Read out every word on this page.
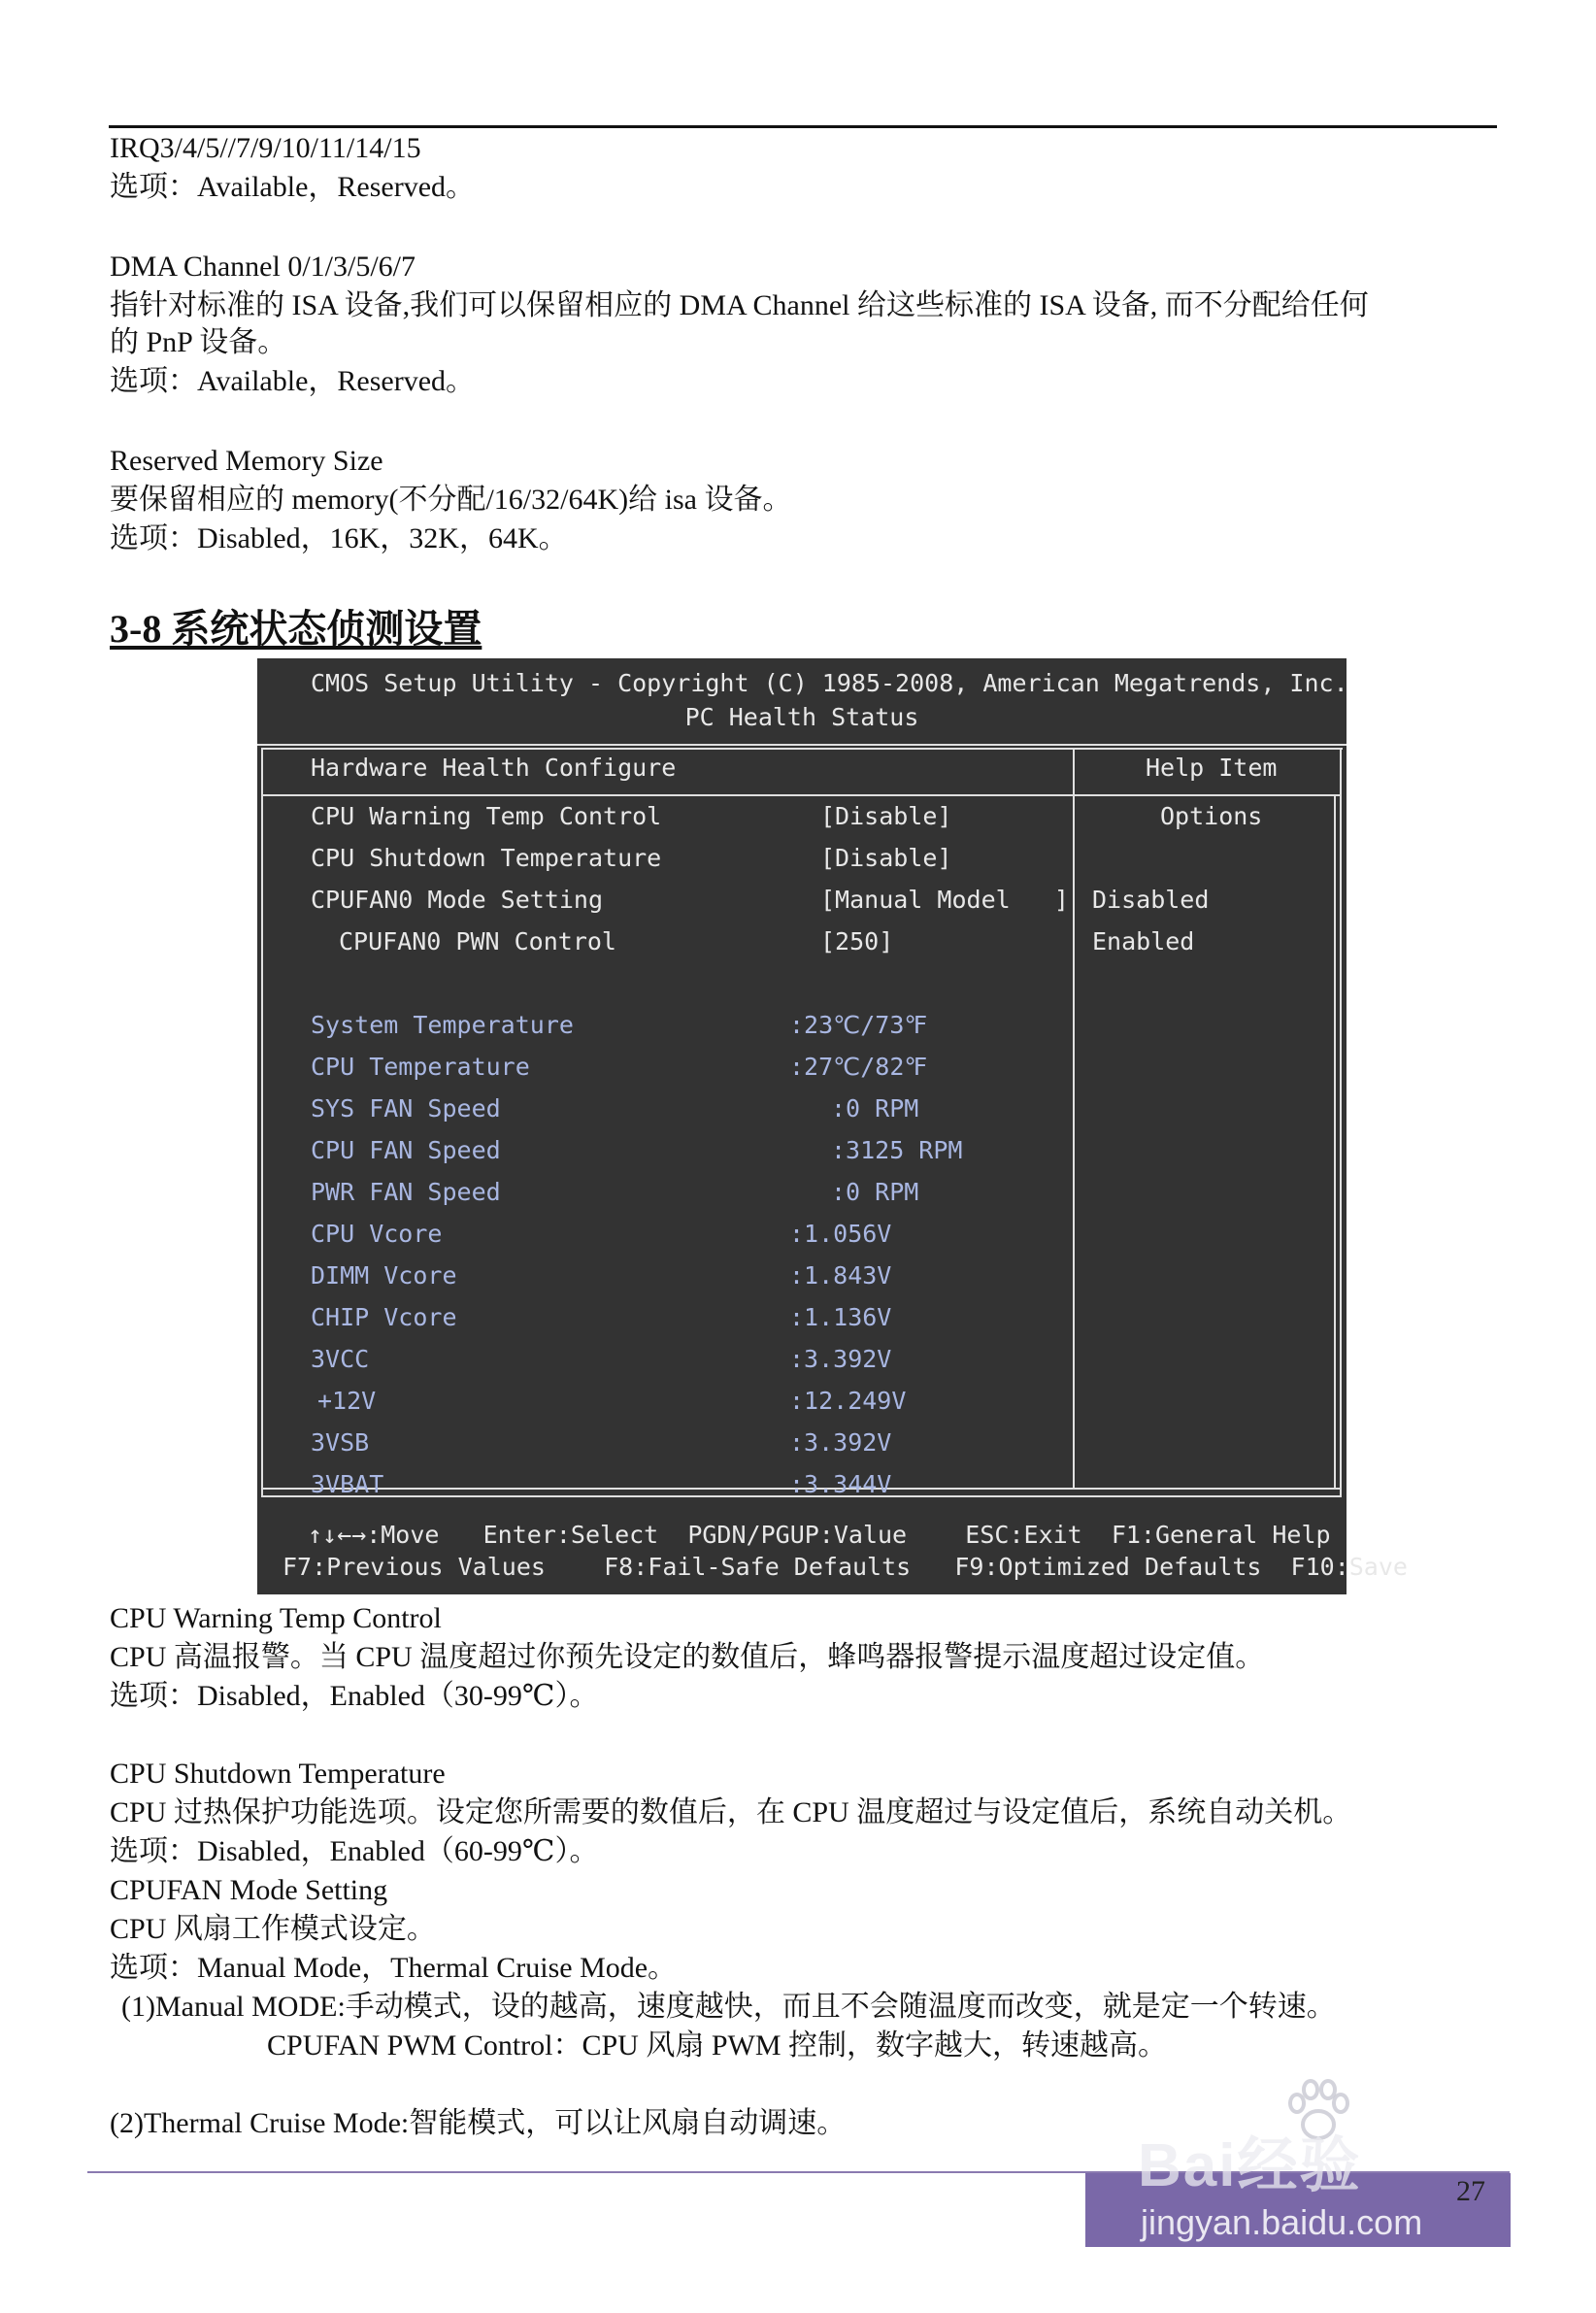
IRQ3/4/5//7/9/10/11/14/15
选项：Available，Reserved。
DMA Channel 0/1/3/5/6/7
指针对标准的 ISA 设备,我们可以保留相应的 DMA Channel 给这些标准的 ISA 设备, 而不分配给任何
的 PnP 设备。
选项：Available，Reserved。
Reserved Memory Size
要保留相应的 memory(不分配/16/32/64K)给 isa 设备。
选项：Disabled，16K，32K，64K。
3-8 系统状态侦测设置
CMOS Setup Utility - Copyright (C) 1985-2008, American Megatrends, Inc.
PC Health Status
Hardware Health Configure	Help Item
CPU Warning Temp Control	[Disable]
CPU Shutdown Temperature	[Disable]
CPUFAN0 Mode Setting	[Manual Model   ]
CPUFAN0 PWN Control	[250]
Options
Disabled
Enabled
System Temperature	:23℃/73℉
CPU Temperature	:27℃/82℉
SYS FAN Speed	:0 RPM
CPU FAN Speed	:3125 RPM
PWR FAN Speed	:0 RPM
CPU Vcore	:1.056V
DIMM Vcore	:1.843V
CHIP Vcore	:1.136V
3VCC	:3.392V
+12V	:12.249V
3VSB	:3.392V
3VBAT	:3.344V
↑↓←→:Move   Enter:Select  PGDN/PGUP:Value    ESC:Exit  F1:General Help
F7:Previous Values    F8:Fail-Safe Defaults   F9:Optimized Defaults  F10:Save
CPU Warning Temp Control
CPU 高温报警。当 CPU 温度超过你预先设定的数值后，蜂鸣器报警提示温度超过设定值。
选项：Disabled，Enabled（30-99℃）。
CPU Shutdown Temperature
CPU 过热保护功能选项。设定您所需要的数值后，在 CPU 温度超过与设定值后，系统自动关机。
选项：Disabled，Enabled（60-99℃）。
CPUFAN Mode Setting
CPU 风扇工作模式设定。
选项：Manual Mode，Thermal Cruise Mode。
(1)Manual MODE:手动模式，设的越高，速度越快，而且不会随温度而改变，就是定一个转速。
CPUFAN PWM Control：CPU 风扇 PWM 控制，数字越大，转速越高。
(2)Thermal Cruise Mode:智能模式，可以让风扇自动调速。
27
Bai经验
jingyan.baidu.com
